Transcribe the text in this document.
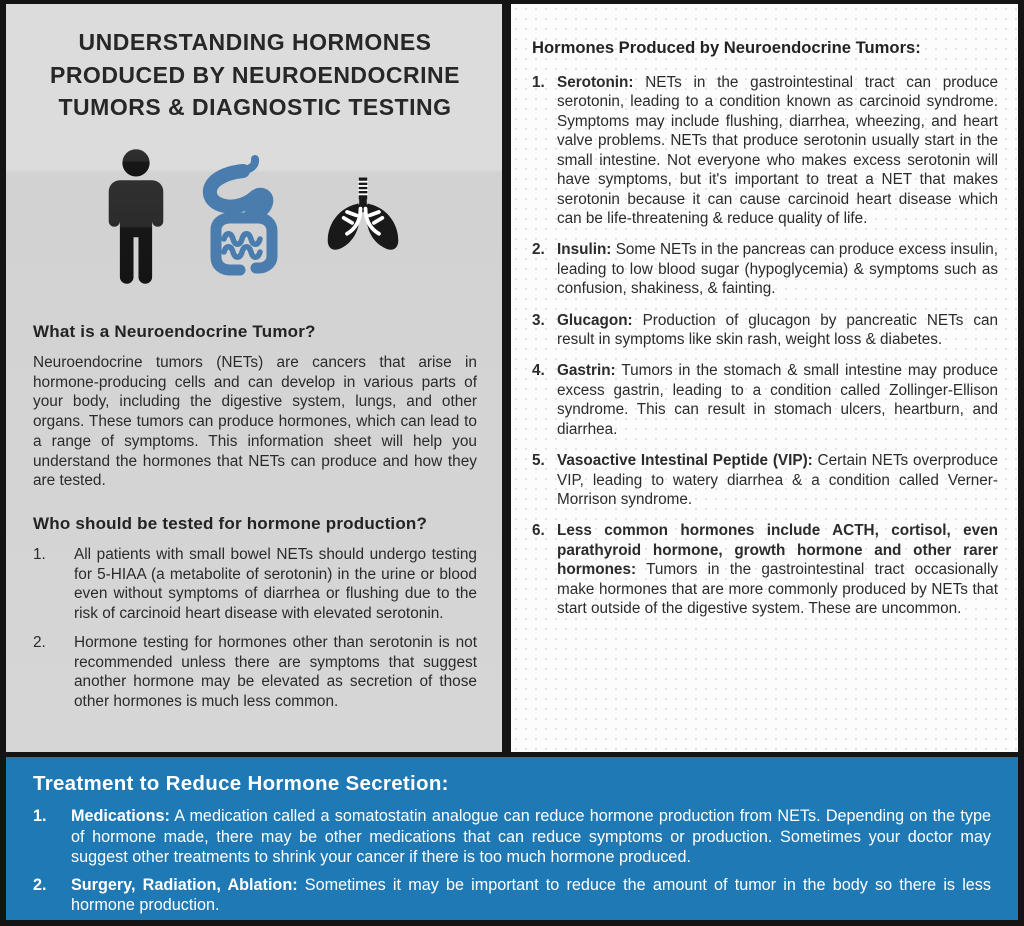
UNDERSTANDING HORMONES
PRODUCED BY NEUROENDOCRINE
TUMORS & DIAGNOSTIC TESTING
What is a Neuroendocrine Tumor?

Neuroendocrine tumors (NETs) are cancers that arise in hormone-producing cells and can develop in various parts of your body, including the digestive system, lungs, and other organs. These tumors can produce hormones, which can lead to a range of symptoms. This information sheet will help you understand the hormones that NETs can produce and how they are tested.

Who should be tested for hormone production?
1.	All patients with small bowel NETs should undergo testing for 5-HIAA (a metabolite of serotonin) in the urine or blood even without symptoms of diarrhea or flushing due to the risk of carcinoid heart disease with elevated serotonin.
2.	Hormone testing for hormones other than serotonin is not recommended unless there are symptoms that suggest another hormone may be elevated as secretion of those other hormones is much less common.
Hormones Produced by Neuroendocrine Tumors:
1. Serotonin: NETs in the gastrointestinal tract can produce serotonin, leading to a condition known as carcinoid syndrome. Symptoms may include flushing, diarrhea, wheezing, and heart valve problems. NETs that produce serotonin usually start in the small intestine. Not everyone who makes excess serotonin will have symptoms, but it's important to treat a NET that makes serotonin because it can cause carcinoid heart disease which can be life-threatening & reduce quality of life.
2. Insulin: Some NETs in the pancreas can produce excess insulin, leading to low blood sugar (hypoglycemia) & symptoms such as confusion, shakiness, & fainting.
3. Glucagon: Production of glucagon by pancreatic NETs can result in symptoms like skin rash, weight loss & diabetes.
4. Gastrin: Tumors in the stomach & small intestine may produce excess gastrin, leading to a condition called Zollinger-Ellison syndrome. This can result in stomach ulcers, heartburn, and diarrhea.
5. Vasoactive Intestinal Peptide (VIP): Certain NETs overproduce VIP, leading to watery diarrhea & a condition called Verner-Morrison syndrome.
6. Less common hormones include ACTH, cortisol, even parathyroid hormone, growth hormone and other rarer hormones: Tumors in the gastrointestinal tract occasionally make hormones that are more commonly produced by NETs that start outside of the digestive system. These are uncommon.
Treatment to Reduce Hormone Secretion:
1.	Medications: A medication called a somatostatin analogue can reduce hormone production from NETs. Depending on the type of hormone made, there may be other medications that can reduce symptoms or production. Sometimes your doctor may suggest other treatments to shrink your cancer if there is too much hormone produced.
2.	Surgery, Radiation, Ablation: Sometimes it may be important to reduce the amount of tumor in the body so there is less hormone production.
